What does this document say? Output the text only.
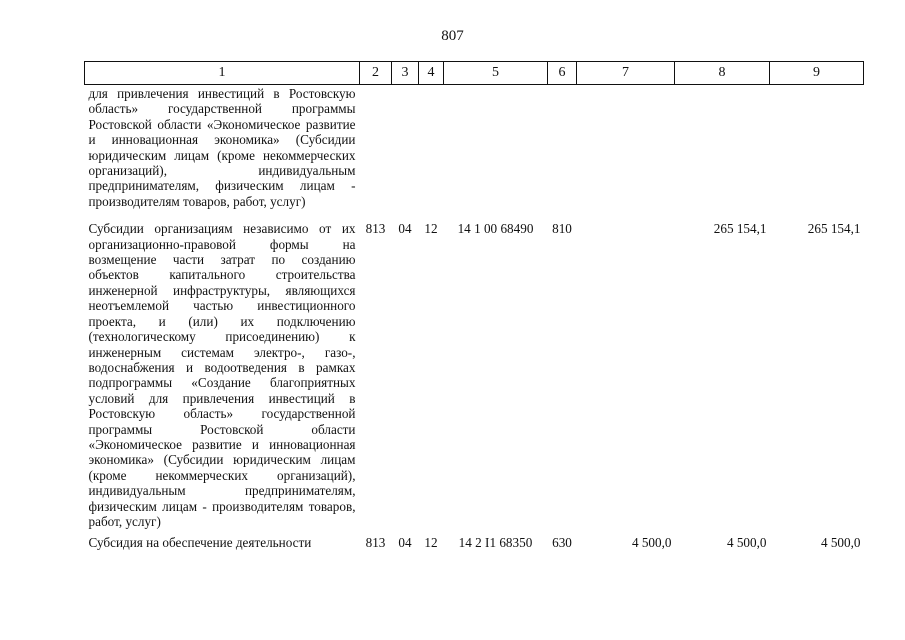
807
1	2	3	4	5	6	7	8	9
для привлечения инвестиций в Ростовскую область» государственной программы Ростовской области «Экономическое развитие и инновационная экономика» (Субсидии юридическим лицам (кроме некоммерческих организаций), индивидуальным предпринимателям, физическим лицам - производителям товаров, работ, услуг)								
Субсидии организациям независимо от их организационно-правовой формы на возмещение части затрат по созданию объектов капитального строительства инженерной инфраструктуры, являющихся неотъемлемой частью инвестиционного проекта, и (или) их подключению (технологическому присоединению) к инженерным системам электро-, газо-, водоснабжения и водоотведения в рамках подпрограммы «Создание благоприятных условий для привлечения инвестиций в Ростовскую область» государственной программы Ростовской области «Экономическое развитие и инновационная экономика» (Субсидии юридическим лицам (кроме некоммерческих организаций), индивидуальным предпринимателям, физическим лицам - производителям товаров, работ, услуг)	813	04	12	14 1 00 68490	810		265 154,1	265 154,1
Субсидия на обеспечение деятельности	813	04	12	14 2 I1 68350	630	4 500,0	4 500,0	4 500,0
